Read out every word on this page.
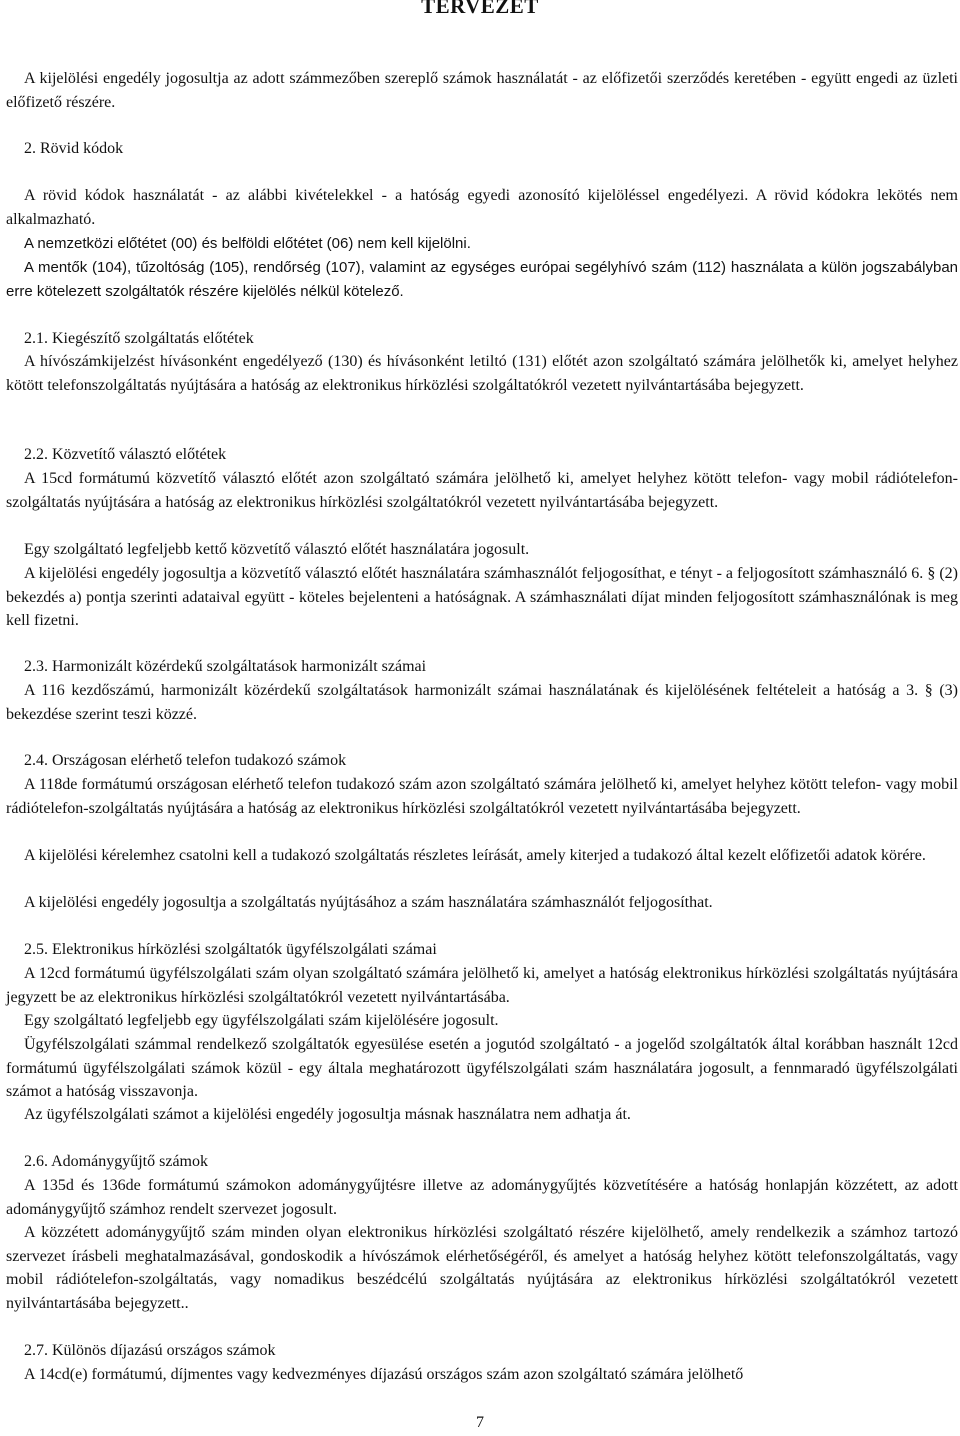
TERVEZET

A kijelölési engedély jogosultja az adott számmezőben szereplő számok használatát - az előfizetői szerződés keretében - együtt engedi az üzleti előfizető részére.

2. Rövid kódok

A rövid kódok használatát - az alábbi kivételekkel - a hatóság egyedi azonosító kijelöléssel engedélyezi. A rövid kódokra lekötés nem alkalmazható.

A nemzetközi előtétet (00) és belföldi előtétet (06) nem kell kijelölni.

A mentők (104), tűzoltóság (105), rendőrség (107), valamint az egységes európai segélyhívó szám (112) használata a külön jogszabályban erre kötelezett szolgáltatók részére kijelölés nélkül kötelező.

2.1. Kiegészítő szolgáltatás előtétek

A hívószámkijelzést hívásonként engedélyező (130) és hívásonként letiltó (131) előtét azon szolgáltató számára jelölhetők ki, amelyet helyhez kötött telefonszolgáltatás nyújtására a hatóság az elektronikus hírközlési szolgáltatókról vezetett nyilvántartásába bejegyzett.

2.2. Közvetítő választó előtétek

A 15cd formátumú közvetítő választó előtét azon szolgáltató számára jelölhető ki, amelyet helyhez kötött telefon- vagy mobil rádiótelefon-szolgáltatás nyújtására a hatóság az elektronikus hírközlési szolgáltatókról vezetett nyilvántartásába bejegyzett.

Egy szolgáltató legfeljebb kettő közvetítő választó előtét használatára jogosult.

A kijelölési engedély jogosultja a közvetítő választó előtét használatára számhasználót feljogosíthat, e tényt - a feljogosított számhasználó 6. § (2) bekezdés a) pontja szerinti adataival együtt - köteles bejelenteni a hatóságnak. A számhasználati díjat minden feljogosított számhasználónak is meg kell fizetni.

2.3. Harmonizált közérdekű szolgáltatások harmonizált számai

A 116 kezdőszámú, harmonizált közérdekű szolgáltatások harmonizált számai használatának és kijelölésének feltételeit a hatóság a 3. § (3) bekezdése szerint teszi közzé.

2.4. Országosan elérhető telefon tudakozó számok

A 118de formátumú országosan elérhető telefon tudakozó szám azon szolgáltató számára jelölhető ki, amelyet helyhez kötött telefon- vagy mobil rádiótelefon-szolgáltatás nyújtására a hatóság az elektronikus hírközlési szolgáltatókról vezetett nyilvántartásába bejegyzett.

A kijelölési kérelemhez csatolni kell a tudakozó szolgáltatás részletes leírását, amely kiterjed a tudakozó által kezelt előfizetői adatok körére.

A kijelölési engedély jogosultja a szolgáltatás nyújtásához a szám használatára számhasználót feljogosíthat.

2.5. Elektronikus hírközlési szolgáltatók ügyfélszolgálati számai

A 12cd formátumú ügyfélszolgálati szám olyan szolgáltató számára jelölhető ki, amelyet a hatóság elektronikus hírközlési szolgáltatás nyújtására jegyzett be az elektronikus hírközlési szolgáltatókról vezetett nyilvántartásába.

Egy szolgáltató legfeljebb egy ügyfélszolgálati szám kijelölésére jogosult.

Ügyfélszolgálati számmal rendelkező szolgáltatók egyesülése esetén a jogutód szolgáltató - a jogelőd szolgáltatók által korábban használt 12cd formátumú ügyfélszolgálati számok közül - egy általa meghatározott ügyfélszolgálati szám használatára jogosult, a fennmaradó ügyfélszolgálati számot a hatóság visszavonja.

Az ügyfélszolgálati számot a kijelölési engedély jogosultja másnak használatra nem adhatja át.

2.6. Adománygyűjtő számok

A 135d és 136de formátumú számokon adománygyűjtésre illetve az adománygyűjtés közvetítésére a hatóság honlapján közzétett, az adott adománygyűjtő számhoz rendelt szervezet jogosult.

A közzétett adománygyűjtő szám minden olyan elektronikus hírközlési szolgáltató részére kijelölhető, amely rendelkezik a számhoz tartozó szervezet írásbeli meghatalmazásával, gondoskodik a hívószámok elérhetőségéről, és amelyet a hatóság helyhez kötött telefonszolgáltatás, vagy mobil rádiótelefon-szolgáltatás, vagy nomadikus beszédcélú szolgáltatás nyújtására az elektronikus hírközlési szolgáltatókról vezetett nyilvántartásába bejegyzett..

2.7. Különös díjazású országos számok

A 14cd(e) formátumú, díjmentes vagy kedvezményes díjazású országos szám azon szolgáltató számára jelölhető

7
